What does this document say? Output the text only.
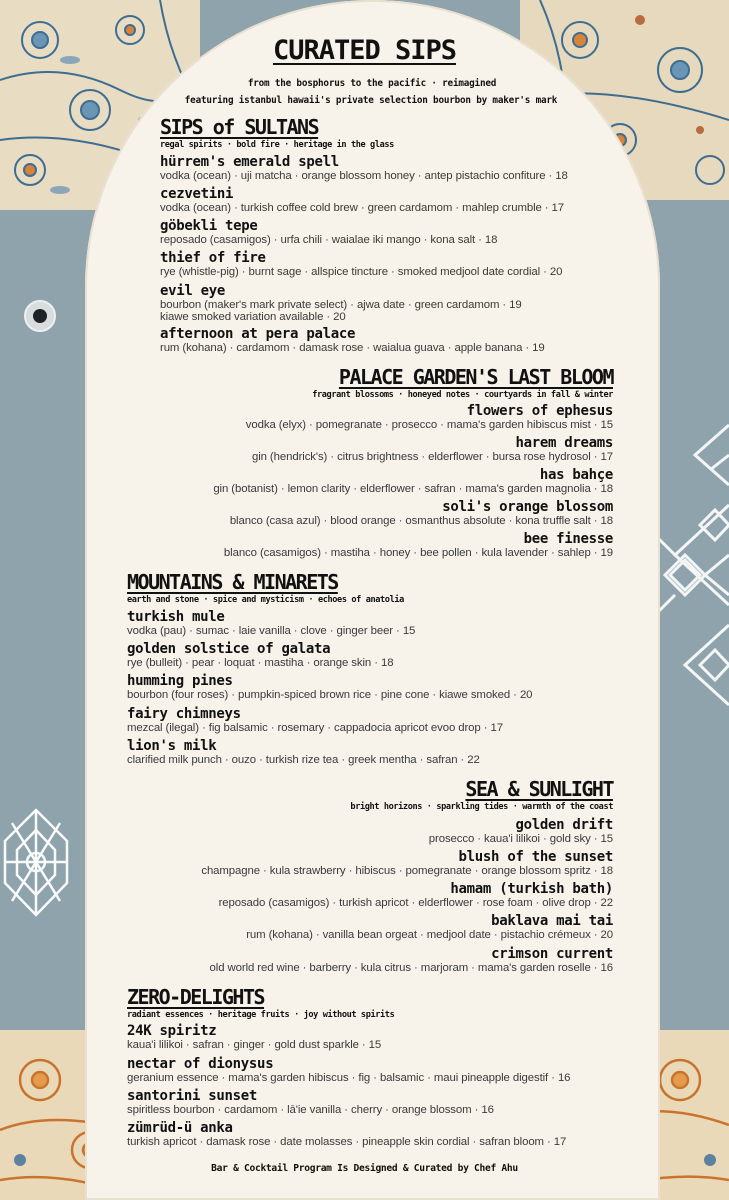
CURATED SIPS
from the bosphorus to the pacific · reimagined
featuring istanbul hawaii's private selection bourbon by maker's mark
Bar & Cocktail Program Is Designed & Curated by Chef Ahu
SIPS of SULTANS
regal spirits · bold fire · heritage in the glass
hürrem's emerald spell
vodka (ocean) · uji matcha · orange blossom honey · antep pistachio confiture · 18
cezvetini
vodka (ocean) · turkish coffee cold brew · green cardamom · mahlep crumble · 17
göbekli tepe
reposado (casamigos) · urfa chili · waialae iki mango · kona salt · 18
thief of fire
rye (whistle-pig) · burnt sage · allspice tincture · smoked medjool date cordial · 20
evil eye
bourbon (maker's mark private select) · ajwa date · green cardamom · 19
kiawe smoked variation available · 20
afternoon at pera palace
rum (kohana) · cardamom · damask rose · waialua guava · apple banana · 19
PALACE GARDEN'S LAST BLOOM
fragrant blossoms · honeyed notes · courtyards in fall & winter
flowers of ephesus
vodka (elyx) · pomegranate · prosecco · mama's garden hibiscus mist · 15
harem dreams
gin (hendrick's) · citrus brightness · elderflower · bursa rose hydrosol · 17
has bahçe
gin (botanist) · lemon clarity · elderflower · safran · mama's garden magnolia · 18
soli's orange blossom
blanco (casa azul) · blood orange · osmanthus absolute · kona truffle salt · 18
bee finesse
blanco (casamigos) · mastiha · honey · bee pollen · kula lavender · sahlep · 19
MOUNTAINS & MINARETS
earth and stone · spice and mysticism · echoes of anatolia
turkish mule
vodka (pau) · sumac · laie vanilla · clove · ginger beer · 15
golden solstice of galata
rye (bulleit) · pear · loquat · mastiha · orange skin · 18
humming pines
bourbon (four roses) · pumpkin-spiced brown rice · pine cone · kiawe smoked · 20
fairy chimneys
mezcal (ilegal) · fig balsamic · rosemary · cappadocia apricot evoo drop · 17
lion's milk
clarified milk punch · ouzo · turkish rize tea · greek mentha · safran · 22
SEA & SUNLIGHT
bright horizons · sparkling tides · warmth of the coast
golden drift
prosecco · kaua'i lilikoi · gold sky · 15
blush of the sunset
champagne · kula strawberry · hibiscus · pomegranate · orange blossom spritz · 18
hamam (turkish bath)
reposado (casamigos) · turkish apricot · elderflower · rose foam · olive drop · 22
baklava mai tai
rum (kohana) · vanilla bean orgeat · medjool date · pistachio crémeux · 20
crimson current
old world red wine · barberry · kula citrus · marjoram · mama's garden roselle · 16
ZERO-DELIGHTS
radiant essences · heritage fruits · joy without spirits
24K spiritz
kaua'i lilikoi · safran · ginger · gold dust sparkle · 15
nectar of dionysus
geranium essence · mama's garden hibiscus · fig · balsamic · maui pineapple digestif · 16
santorini sunset
spiritless bourbon · cardamom · lā'ie vanilla · cherry · orange blossom · 16
zümrüd-ü anka
turkish apricot · damask rose · date molasses · pineapple skin cordial · safran bloom · 17
